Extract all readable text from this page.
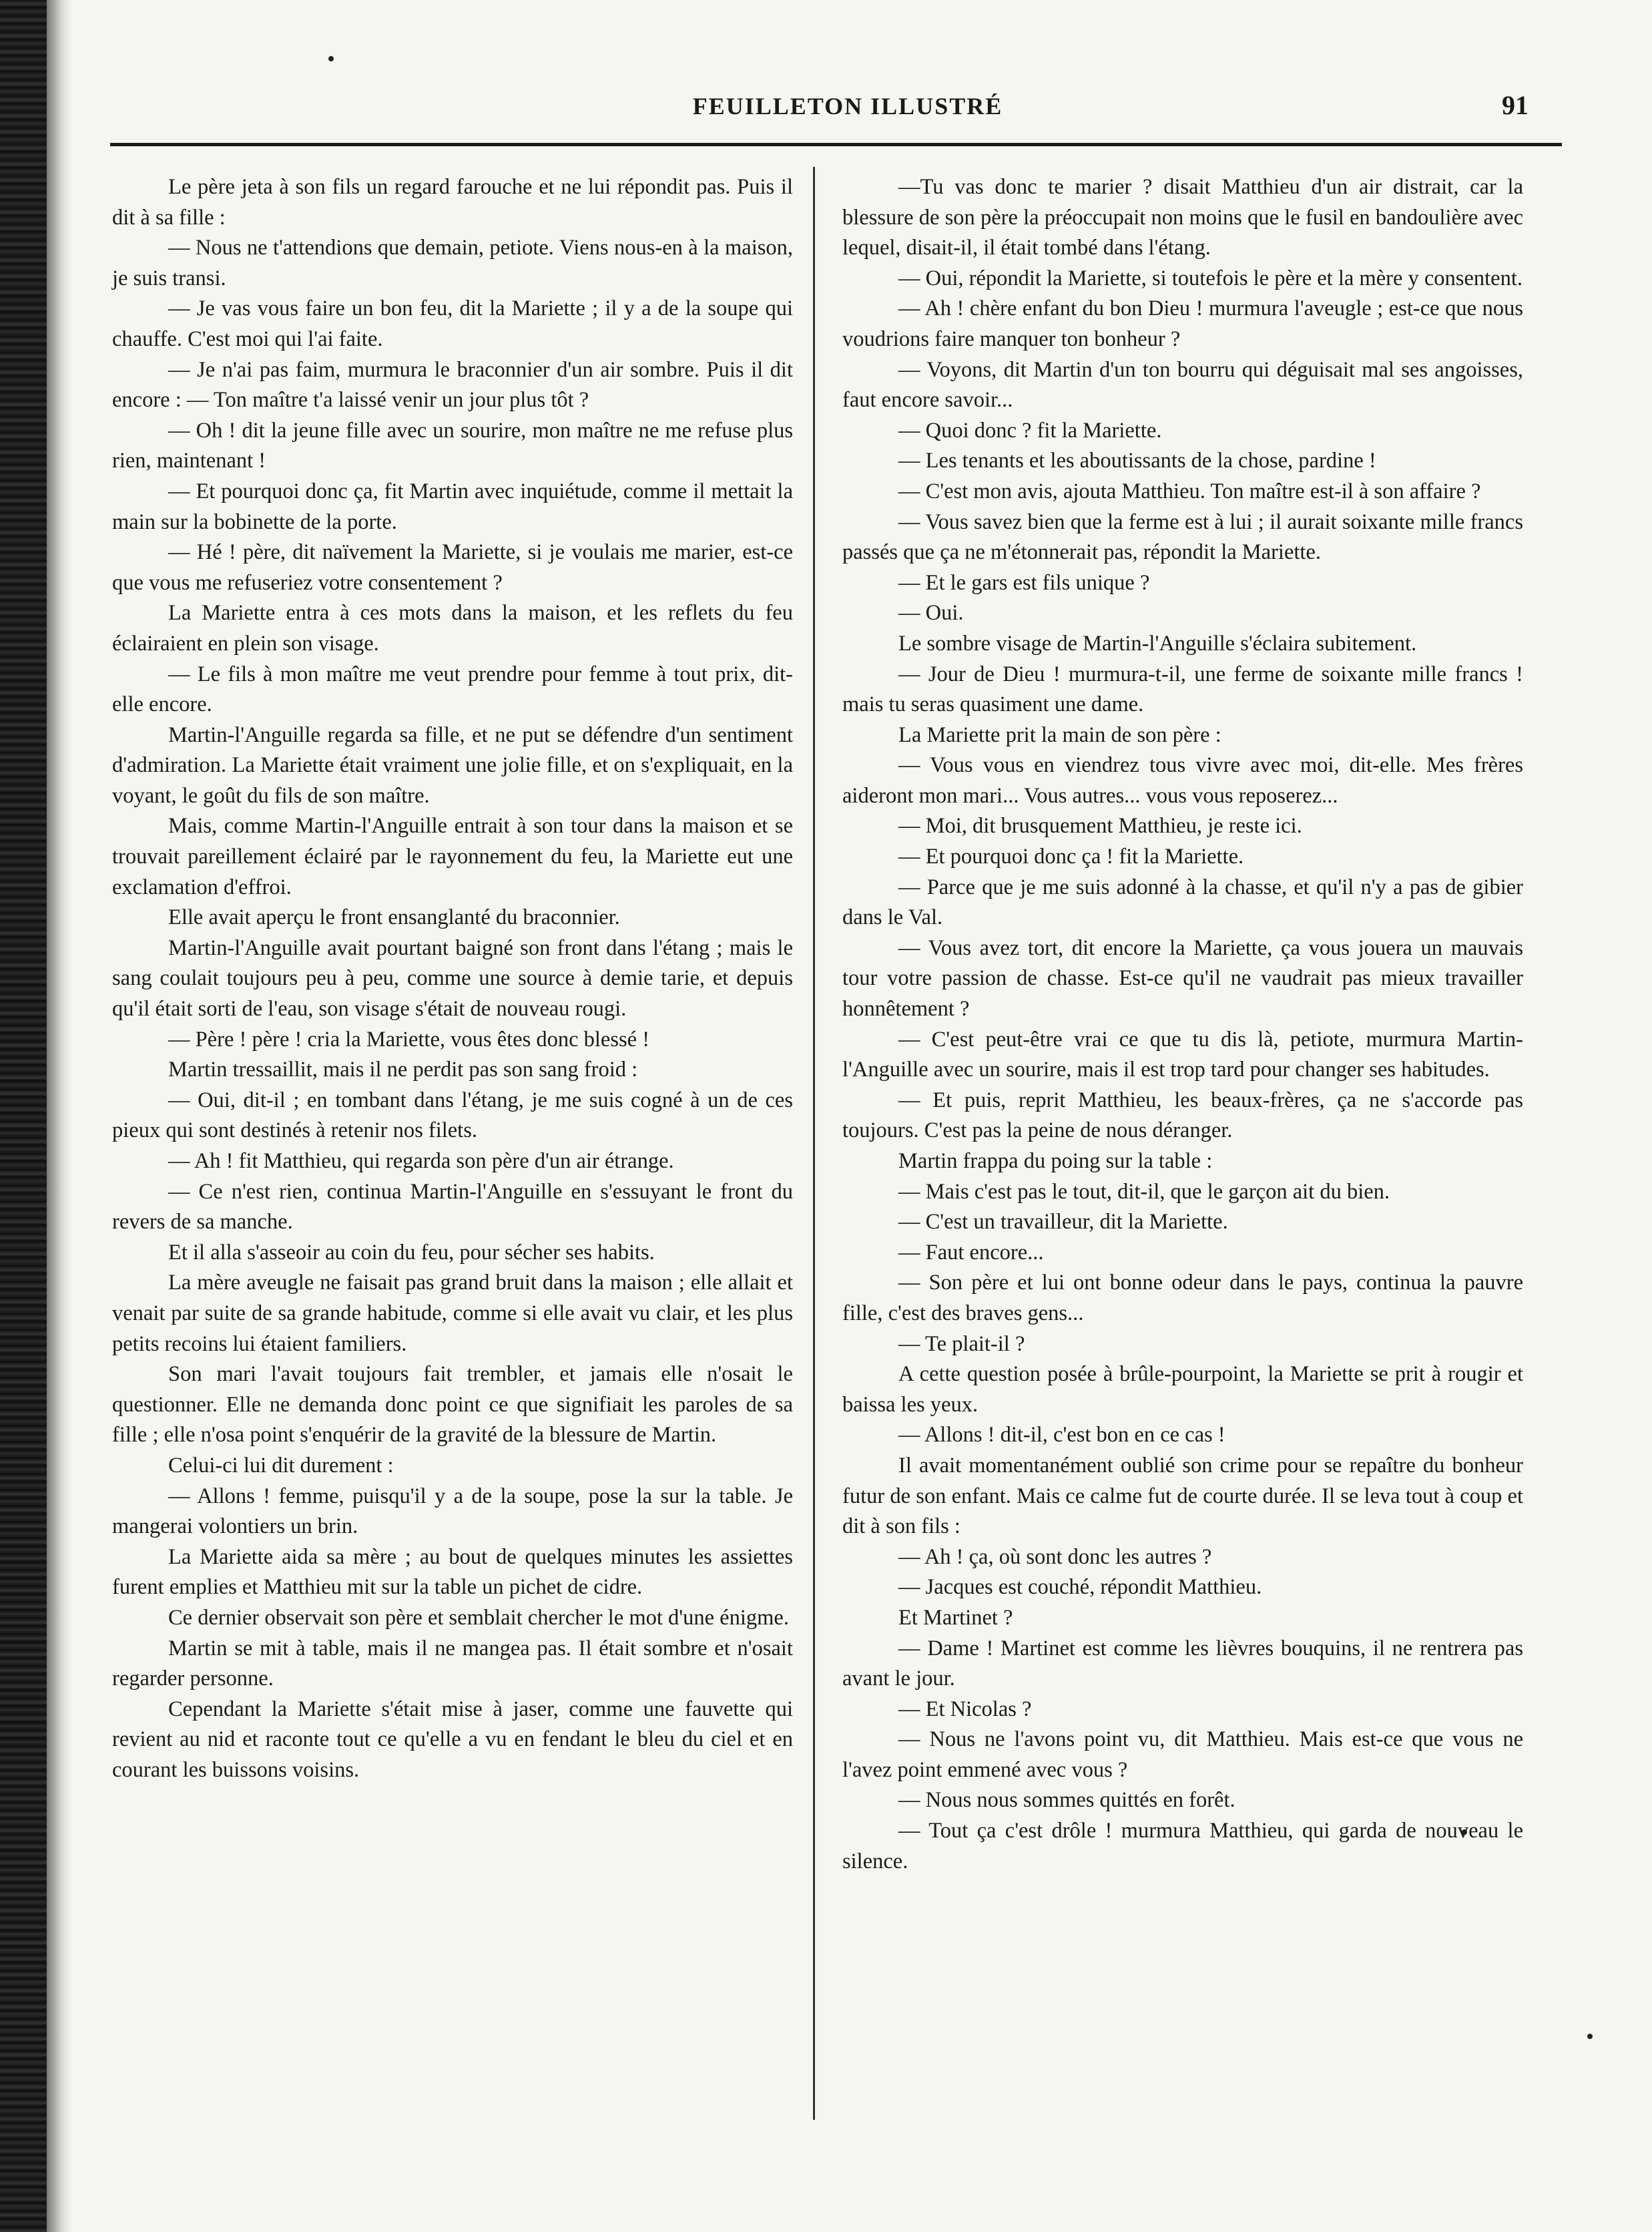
FEUILLETON ILLUSTRÉ	91

Le père jeta à son fils un regard farouche et ne lui répondit pas. Puis il dit à sa fille :

— Nous ne t'attendions que demain, petiote. Viens nous-en à la maison, je suis transi.

— Je vas vous faire un bon feu, dit la Mariette ; il y a de la soupe qui chauffe. C'est moi qui l'ai faite.

— Je n'ai pas faim, murmura le braconnier d'un air sombre. Puis il dit encore : — Ton maître t'a laissé venir un jour plus tôt ?

— Oh ! dit la jeune fille avec un sourire, mon maître ne me refuse plus rien, maintenant !

— Et pourquoi donc ça, fit Martin avec inquiétude, comme il mettait la main sur la bobinette de la porte.

— Hé ! père, dit naïvement la Mariette, si je voulais me marier, est-ce que vous me refuseriez votre consentement ?

La Mariette entra à ces mots dans la maison, et les reflets du feu éclairaient en plein son visage.

— Le fils à mon maître me veut prendre pour femme à tout prix, dit-elle encore.

Martin-l'Anguille regarda sa fille, et ne put se défendre d'un sentiment d'admiration. La Mariette était vraiment une jolie fille, et on s'expliquait, en la voyant, le goût du fils de son maître.

Mais, comme Martin-l'Anguille entrait à son tour dans la maison et se trouvait pareillement éclairé par le rayonnement du feu, la Mariette eut une exclamation d'effroi.

Elle avait aperçu le front ensanglanté du braconnier.

Martin-l'Anguille avait pourtant baigné son front dans l'étang ; mais le sang coulait toujours peu à peu, comme une source à demie tarie, et depuis qu'il était sorti de l'eau, son visage s'était de nouveau rougi.

— Père ! père ! cria la Mariette, vous êtes donc blessé !

Martin tressaillit, mais il ne perdit pas son sang froid :

— Oui, dit-il ; en tombant dans l'étang, je me suis cogné à un de ces pieux qui sont destinés à retenir nos filets.

— Ah ! fit Matthieu, qui regarda son père d'un air étrange.

— Ce n'est rien, continua Martin-l'Anguille en s'essuyant le front du revers de sa manche.

Et il alla s'asseoir au coin du feu, pour sécher ses habits.

La mère aveugle ne faisait pas grand bruit dans la maison ; elle allait et venait par suite de sa grande habitude, comme si elle avait vu clair, et les plus petits recoins lui étaient familiers.

Son mari l'avait toujours fait trembler, et jamais elle n'osait le questionner. Elle ne demanda donc point ce que signifiait les paroles de sa fille ; elle n'osa point s'enquérir de la gravité de la blessure de Martin.

Celui-ci lui dit durement :

— Allons ! femme, puisqu'il y a de la soupe, pose la sur la table. Je mangerai volontiers un brin.

La Mariette aida sa mère ; au bout de quelques minutes les assiettes furent emplies et Matthieu mit sur la table un pichet de cidre.

Ce dernier observait son père et semblait chercher le mot d'une énigme.

Martin se mit à table, mais il ne mangea pas. Il était sombre et n'osait regarder personne.

Cependant la Mariette s'était mise à jaser, comme une fauvette qui revient au nid et raconte tout ce qu'elle a vu en fendant le bleu du ciel et en courant les buissons voisins.

—Tu vas donc te marier ? disait Matthieu d'un air distrait, car la blessure de son père la préoccupait non moins que le fusil en bandoulière avec lequel, disait-il, il était tombé dans l'étang.

— Oui, répondit la Mariette, si toutefois le père et la mère y consentent.

— Ah ! chère enfant du bon Dieu ! murmura l'aveugle ; est-ce que nous voudrions faire manquer ton bonheur ?

— Voyons, dit Martin d'un ton bourru qui déguisait mal ses angoisses, faut encore savoir...

— Quoi donc ? fit la Mariette.

— Les tenants et les aboutissants de la chose, pardine !

— C'est mon avis, ajouta Matthieu. Ton maître est-il à son affaire ?

— Vous savez bien que la ferme est à lui ; il aurait soixante mille francs passés que ça ne m'étonnerait pas, répondit la Mariette.

— Et le gars est fils unique ?

— Oui.

Le sombre visage de Martin-l'Anguille s'éclaira subitement.

— Jour de Dieu ! murmura-t-il, une ferme de soixante mille francs ! mais tu seras quasiment une dame.

La Mariette prit la main de son père :

— Vous vous en viendrez tous vivre avec moi, dit-elle. Mes frères aideront mon mari... Vous autres... vous vous reposerez...

— Moi, dit brusquement Matthieu, je reste ici.

— Et pourquoi donc ça ! fit la Mariette.

— Parce que je me suis adonné à la chasse, et qu'il n'y a pas de gibier dans le Val.

— Vous avez tort, dit encore la Mariette, ça vous jouera un mauvais tour votre passion de chasse. Est-ce qu'il ne vaudrait pas mieux travailler honnêtement ?

— C'est peut-être vrai ce que tu dis là, petiote, murmura Martin-l'Anguille avec un sourire, mais il est trop tard pour changer ses habitudes.

— Et puis, reprit Matthieu, les beaux-frères, ça ne s'accorde pas toujours. C'est pas la peine de nous déranger.

Martin frappa du poing sur la table :

— Mais c'est pas le tout, dit-il, que le garçon ait du bien.

— C'est un travailleur, dit la Mariette.

— Faut encore...

— Son père et lui ont bonne odeur dans le pays, continua la pauvre fille, c'est des braves gens...

— Te plait-il ?

A cette question posée à brûle-pourpoint, la Mariette se prit à rougir et baissa les yeux.

— Allons ! dit-il, c'est bon en ce cas !

Il avait momentanément oublié son crime pour se repaître du bonheur futur de son enfant. Mais ce calme fut de courte durée. Il se leva tout à coup et dit à son fils :

— Ah ! ça, où sont donc les autres ?

— Jacques est couché, répondit Matthieu.

Et Martinet ?

— Dame ! Martinet est comme les lièvres bouquins, il ne rentrera pas avant le jour.

— Et Nicolas ?

— Nous ne l'avons point vu, dit Matthieu. Mais est-ce que vous ne l'avez point emmené avec vous ?

— Nous nous sommes quittés en forêt.

— Tout ça c'est drôle ! murmura Matthieu, qui garda de nouveau le silence.
